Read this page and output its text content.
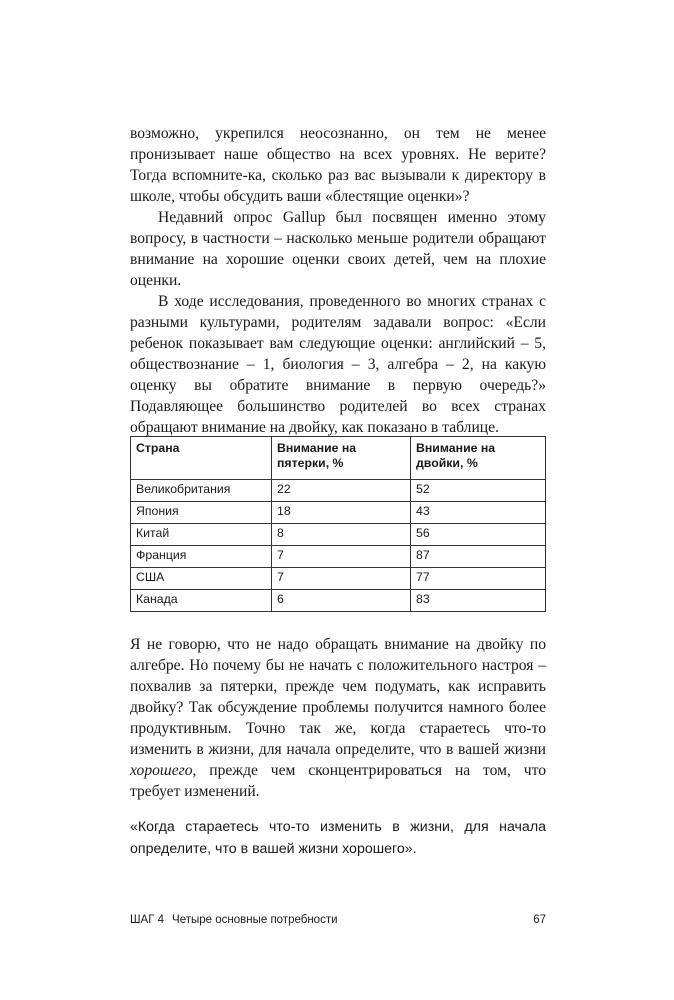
возможно, укрепился неосознанно, он тем не менее пронизывает наше общество на всех уровнях. Не верите? Тогда вспомните-ка, сколько раз вас вызывали к директору в школе, чтобы обсудить ваши «блестящие оценки»?

Недавний опрос Gallup был посвящен именно этому вопросу, в частности – насколько меньше родители обращают внимание на хорошие оценки своих детей, чем на плохие оценки.

В ходе исследования, проведенного во многих странах с разными культурами, родителям задавали вопрос: «Если ребенок показывает вам следующие оценки: английский – 5, обществознание – 1, биология – 3, алгебра – 2, на какую оценку вы обратите внимание в первую очередь?» Подавляющее большинство родителей во всех странах обращают внимание на двойку, как показано в таблице.

Страна	Внимание на пятерки, %	Внимание на двойки, %
Великобритания	22	52
Япония	18	43
Китай	8	56
Франция	7	87
США	7	77
Канада	6	83

Я не говорю, что не надо обращать внимание на двойку по алгебре. Но почему бы не начать с положительного настроя – похвалив за пятерки, прежде чем подумать, как исправить двойку? Так обсуждение проблемы получится намного более продуктивным. Точно так же, когда стараетесь что-то изменить в жизни, для начала определите, что в вашей жизни хорошего, прежде чем сконцентрироваться на том, что требует изменений.

«Когда стараетесь что-то изменить в жизни, для начала определите, что в вашей жизни хорошего».

ШАГ 4 Четыре основные потребности	67
